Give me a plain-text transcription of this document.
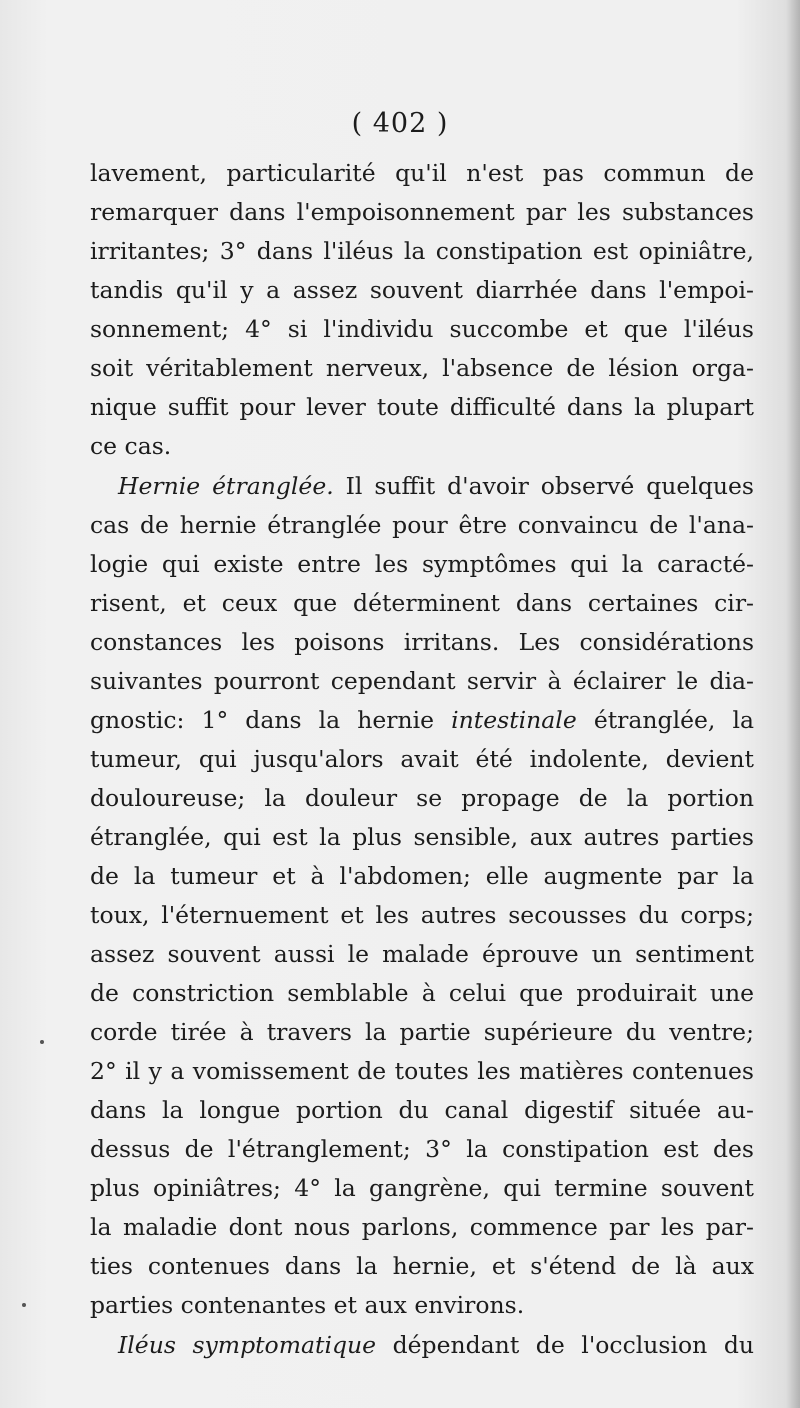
( 402 )
lavement, particularité qu'il n'est pas commun de
remarquer dans l'empoisonnement par les substances
irritantes; 3° dans l'iléus la constipation est opiniâtre,
tandis qu'il y a assez souvent diarrhée dans l'empoi-
sonnement; 4° si l'individu succombe et que l'iléus
soit véritablement nerveux, l'absence de lésion orga-
nique suffit pour lever toute difficulté dans la plupart
ce cas.
Hernie étranglée. Il suffit d'avoir observé quelques
cas de hernie étranglée pour être convaincu de l'ana-
logie qui existe entre les symptômes qui la caracté-
risent, et ceux que déterminent dans certaines cir-
constances les poisons irritans. Les considérations
suivantes pourront cependant servir à éclairer le dia-
gnostic: 1° dans la hernie intestinale étranglée, la
tumeur, qui jusqu'alors avait été indolente, devient
douloureuse; la douleur se propage de la portion
étranglée, qui est la plus sensible, aux autres parties
de la tumeur et à l'abdomen; elle augmente par la
toux, l'éternuement et les autres secousses du corps;
assez souvent aussi le malade éprouve un sentiment
de constriction semblable à celui que produirait une
corde tirée à travers la partie supérieure du ventre;
2° il y a vomissement de toutes les matières contenues
dans la longue portion du canal digestif située au-
dessus de l'étranglement; 3° la constipation est des
plus opiniâtres; 4° la gangrène, qui termine souvent
la maladie dont nous parlons, commence par les par-
ties contenues dans la hernie, et s'étend de là aux
parties contenantes et aux environs.
Iléus symptomatique dépendant de l'occlusion du
